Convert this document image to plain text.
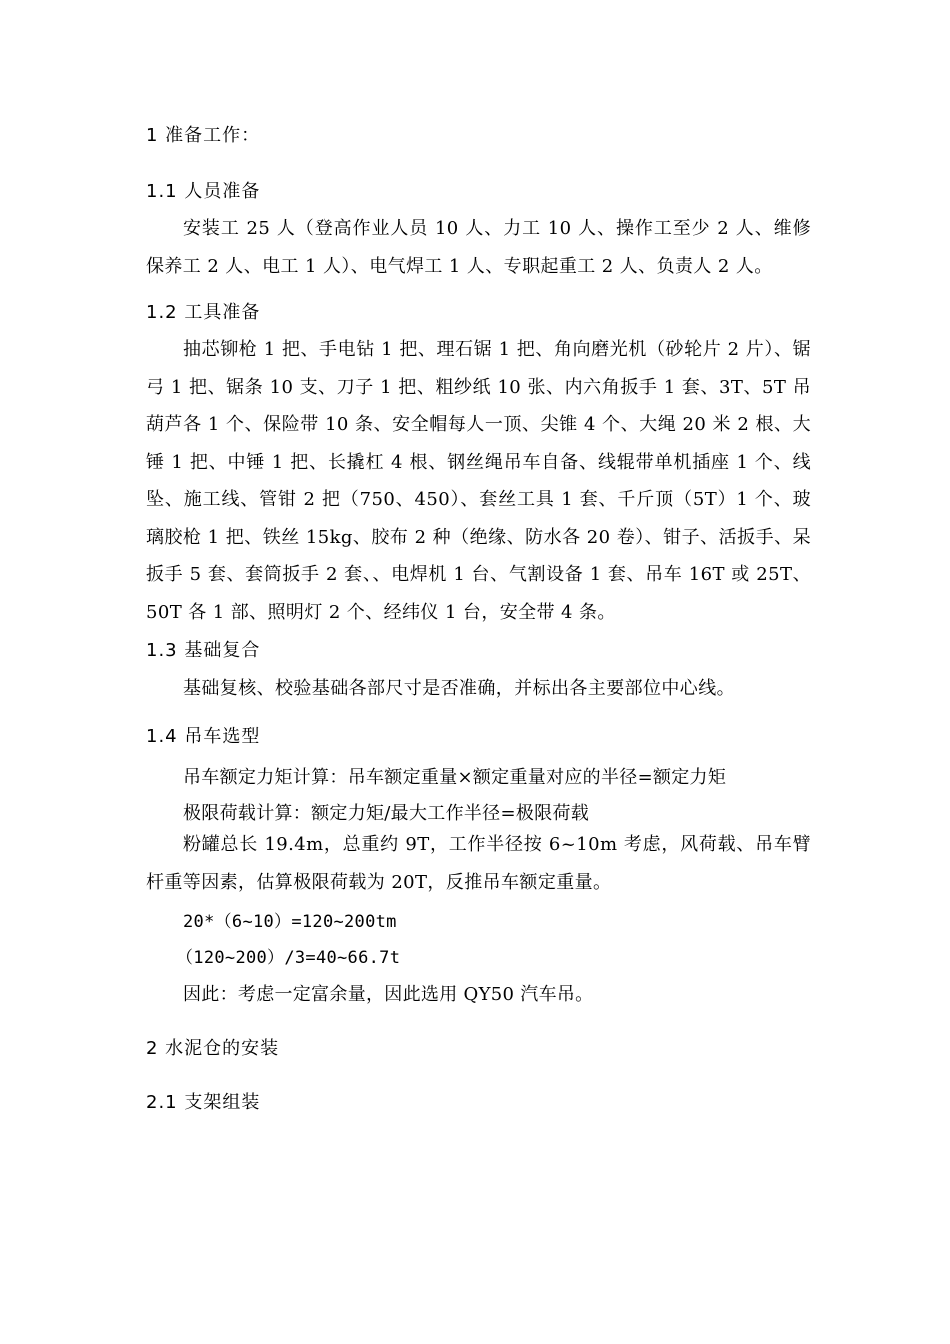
1 准备工作：
1.1 人员准备
安装工 25 人（登高作业人员 10 人、力工 10 人、操作工至少 2 人、维修保养工 2 人、电工 1 人）、电气焊工 1 人、专职起重工 2 人、负责人 2 人。
1.2 工具准备
抽芯铆枪 1 把、手电钻 1 把、理石锯 1 把、角向磨光机（砂轮片 2 片）、锯弓 1 把、锯条 10 支、刀子 1 把、粗纱纸 10 张、内六角扳手 1 套、3T、5T 吊葫芦各 1 个、保险带 10 条、安全帽每人一顶、尖锥 4 个、大绳 20 米 2 根、大锤 1 把、中锤 1 把、长撬杠 4 根、钢丝绳吊车自备、线辊带单机插座 1 个、线坠、施工线、管钳 2 把（750、450）、套丝工具 1 套、千斤顶（5T）1 个、玻璃胶枪 1 把、铁丝 15kg、胶布 2 种（绝缘、防水各 20 卷）、钳子、活扳手、呆扳手 5 套、套筒扳手 2 套、、电焊机 1 台、气割设备 1 套、吊车 16T 或 25T、50T 各 1 部、照明灯 2 个、经纬仪 1 台，安全带 4 条。
1.3 基础复合
基础复核、校验基础各部尺寸是否准确，并标出各主要部位中心线。
1.4 吊车选型
吊车额定力矩计算：吊车额定重量×额定重量对应的半径=额定力矩
极限荷载计算：额定力矩/最大工作半径=极限荷载
粉罐总长 19.4m，总重约 9T，工作半径按 6~10m 考虑，风荷载、吊车臂杆重等因素，估算极限荷载为 20T，反推吊车额定重量。
20*（6~10）=120~200tm
（120~200）/3=40~66.7t
因此：考虑一定富余量，因此选用 QY50 汽车吊。
2 水泥仓的安装
2.1 支架组装
